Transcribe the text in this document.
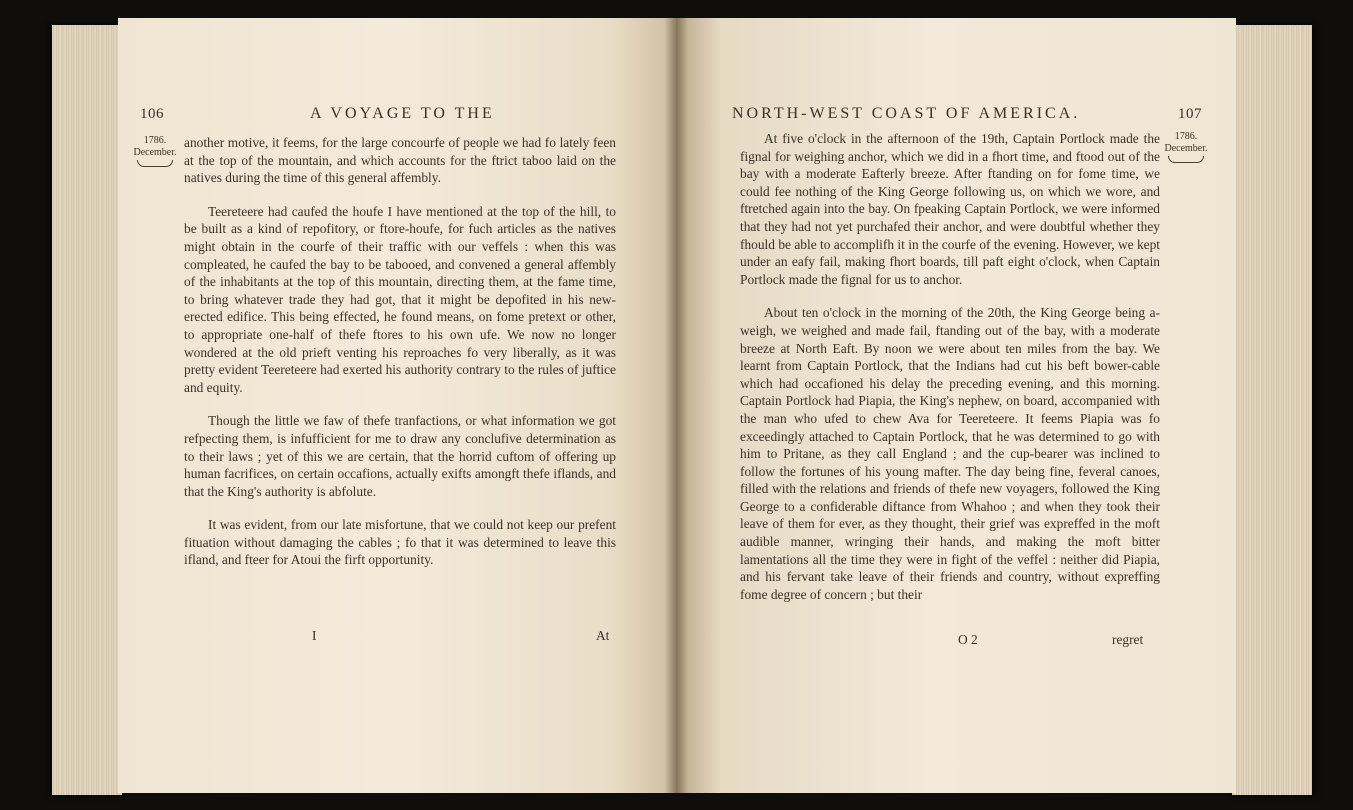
106	A VOYAGE TO THE
1786.
December.

another motive, it feems, for the large concourfe of people we had fo lately feen at the top of the mountain, and which accounts for the ftrict taboo laid on the natives during the time of this general affembly.

Teereteere had caufed the houfe I have mentioned at the top of the hill, to be built as a kind of repofitory, or ftore-houfe, for fuch articles as the natives might obtain in the courfe of their traffic with our veffels : when this was compleated, he caufed the bay to be tabooed, and convened a general affembly of the inhabitants at the top of this mountain, directing them, at the fame time, to bring whatever trade they had got, that it might be depofited in his new-erected edifice. This being effected, he found means, on fome pretext or other, to appropriate one-half of thefe ftores to his own ufe. We now no longer wondered at the old prieft venting his reproaches fo very liberally, as it was pretty evident Teereteere had exerted his authority contrary to the rules of juftice and equity.

Though the little we faw of thefe tranfactions, or what information we got refpecting them, is infufficient for me to draw any conclufive determination as to their laws ; yet of this we are certain, that the horrid cuftom of offering up human facrifices, on certain occafions, actually exifts amongft thefe iflands, and that the King's authority is abfolute.

It was evident, from our late misfortune, that we could not keep our prefent fituation without damaging the cables ; fo that it was determined to leave this ifland, and fteer for Atoui the firft opportunity.

I	At
NORTH-WEST COAST OF AMERICA.	107
1786.
December.

At five o'clock in the afternoon of the 19th, Captain Portlock made the fignal for weighing anchor, which we did in a fhort time, and ftood out of the bay with a moderate Eafterly breeze. After ftanding on for fome time, we could fee nothing of the King George following us, on which we wore, and ftretched again into the bay. On fpeaking Captain Portlock, we were informed that they had not yet purchafed their anchor, and were doubtful whether they fhould be able to accomplifh it in the courfe of the evening. However, we kept under an eafy fail, making fhort boards, till paft eight o'clock, when Captain Portlock made the fignal for us to anchor.

About ten o'clock in the morning of the 20th, the King George being a-weigh, we weighed and made fail, ftanding out of the bay, with a moderate breeze at North Eaft. By noon we were about ten miles from the bay. We learnt from Captain Portlock, that the Indians had cut his beft bower-cable which had occafioned his delay the preceding evening, and this morning. Captain Portlock had Piapia, the King's nephew, on board, accompanied with the man who ufed to chew Ava for Teereteere. It feems Piapia was fo exceedingly attached to Captain Portlock, that he was determined to go with him to Pritane, as they call England ; and the cup-bearer was inclined to follow the fortunes of his young mafter. The day being fine, feveral canoes, filled with the relations and friends of thefe new voyagers, followed the King George to a confiderable diftance from Whahoo ; and when they took their leave of them for ever, as they thought, their grief was expreffed in the moft audible manner, wringing their hands, and making the moft bitter lamentations all the time they were in fight of the veffel : neither did Piapia, and his fervant take leave of their friends and country, without expreffing fome degree of concern ; but their

O 2	regret
